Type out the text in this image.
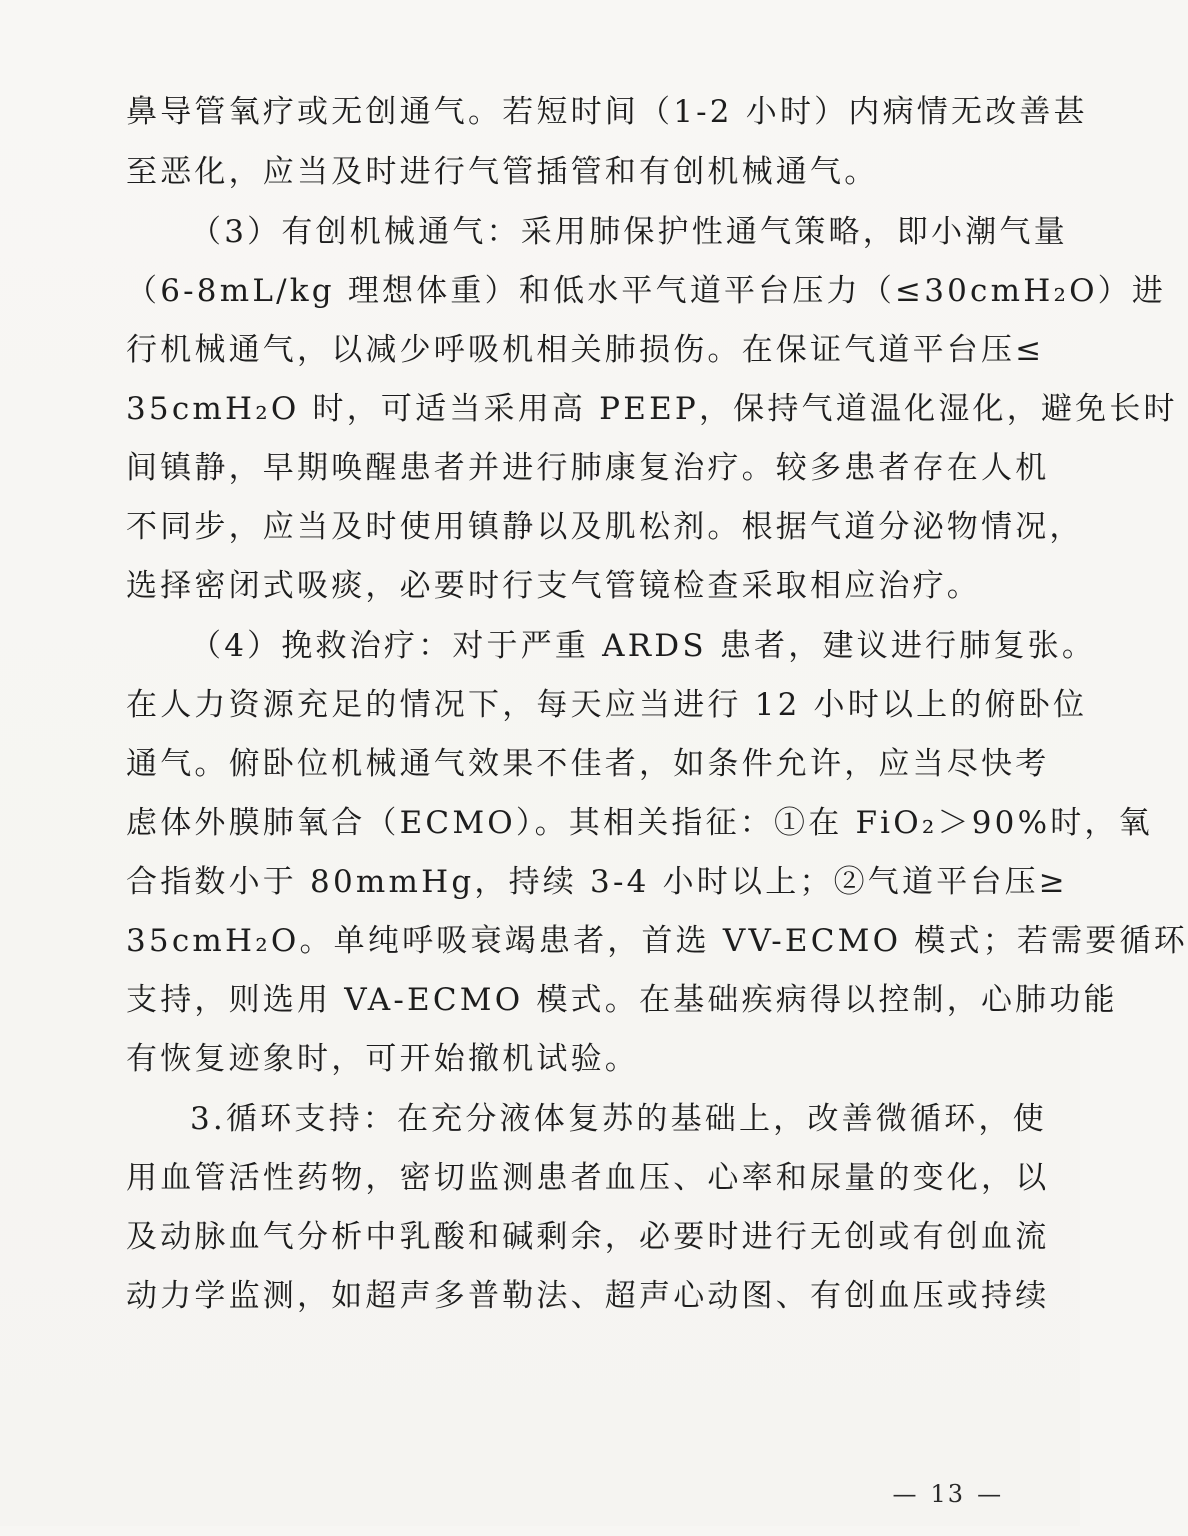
鼻导管氧疗或无创通气。若短时间（1-2 小时）内病情无改善甚
至恶化，应当及时进行气管插管和有创机械通气。
（3）有创机械通气：采用肺保护性通气策略，即小潮气量
（6-8mL/kg 理想体重）和低水平气道平台压力（≤30cmH₂O）进
行机械通气，以减少呼吸机相关肺损伤。在保证气道平台压≤
35cmH₂O 时，可适当采用高 PEEP，保持气道温化湿化，避免长时
间镇静，早期唤醒患者并进行肺康复治疗。较多患者存在人机
不同步，应当及时使用镇静以及肌松剂。根据气道分泌物情况，
选择密闭式吸痰，必要时行支气管镜检查采取相应治疗。
（4）挽救治疗：对于严重 ARDS 患者，建议进行肺复张。
在人力资源充足的情况下，每天应当进行 12 小时以上的俯卧位
通气。俯卧位机械通气效果不佳者，如条件允许，应当尽快考
虑体外膜肺氧合（ECMO）。其相关指征：①在 FiO₂＞90%时，氧
合指数小于 80mmHg，持续 3-4 小时以上；②气道平台压≥
35cmH₂O。单纯呼吸衰竭患者，首选 VV-ECMO 模式；若需要循环
支持，则选用 VA-ECMO 模式。在基础疾病得以控制，心肺功能
有恢复迹象时，可开始撤机试验。
3.循环支持：在充分液体复苏的基础上，改善微循环，使
用血管活性药物，密切监测患者血压、心率和尿量的变化，以
及动脉血气分析中乳酸和碱剩余，必要时进行无创或有创血流
动力学监测，如超声多普勒法、超声心动图、有创血压或持续

— 13 —
